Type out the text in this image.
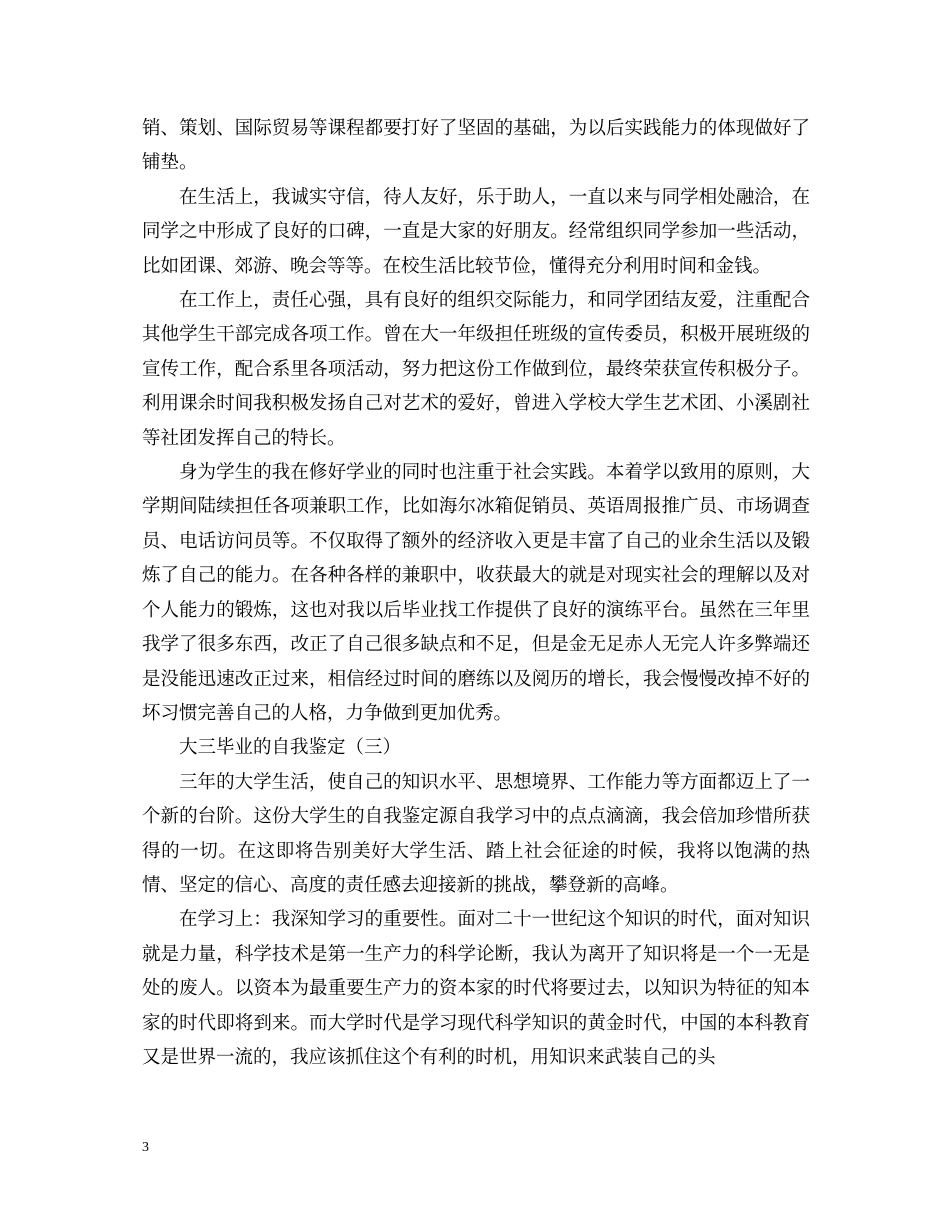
销、策划、国际贸易等课程都要打好了坚固的基础，为以后实践能力的体现做好了铺垫。

在生活上，我诚实守信，待人友好，乐于助人，一直以来与同学相处融洽，在同学之中形成了良好的口碑，一直是大家的好朋友。经常组织同学参加一些活动，比如团课、郊游、晚会等等。在校生活比较节俭，懂得充分利用时间和金钱。

在工作上，责任心强，具有良好的组织交际能力，和同学团结友爱，注重配合其他学生干部完成各项工作。曾在大一年级担任班级的宣传委员，积极开展班级的宣传工作，配合系里各项活动，努力把这份工作做到位，最终荣获宣传积极分子。利用课余时间我积极发扬自己对艺术的爱好，曾进入学校大学生艺术团、小溪剧社等社团发挥自己的特长。

身为学生的我在修好学业的同时也注重于社会实践。本着学以致用的原则，大学期间陆续担任各项兼职工作，比如海尔冰箱促销员、英语周报推广员、市场调查员、电话访问员等。不仅取得了额外的经济收入更是丰富了自己的业余生活以及锻炼了自己的能力。在各种各样的兼职中，收获最大的就是对现实社会的理解以及对个人能力的锻炼，这也对我以后毕业找工作提供了良好的演练平台。虽然在三年里我学了很多东西，改正了自己很多缺点和不足，但是金无足赤人无完人许多弊端还是没能迅速改正过来，相信经过时间的磨练以及阅历的增长，我会慢慢改掉不好的坏习惯完善自己的人格，力争做到更加优秀。

大三毕业的自我鉴定（三）

三年的大学生活，使自己的知识水平、思想境界、工作能力等方面都迈上了一个新的台阶。这份大学生的自我鉴定源自我学习中的点点滴滴，我会倍加珍惜所获得的一切。在这即将告别美好大学生活、踏上社会征途的时候，我将以饱满的热情、坚定的信心、高度的责任感去迎接新的挑战，攀登新的高峰。

在学习上：我深知学习的重要性。面对二十一世纪这个知识的时代，面对知识就是力量，科学技术是第一生产力的科学论断，我认为离开了知识将是一个一无是处的废人。以资本为最重要生产力的资本家的时代将要过去，以知识为特征的知本家的时代即将到来。而大学时代是学习现代科学知识的黄金时代，中国的本科教育又是世界一流的，我应该抓住这个有利的时机，用知识来武装自己的头

3
